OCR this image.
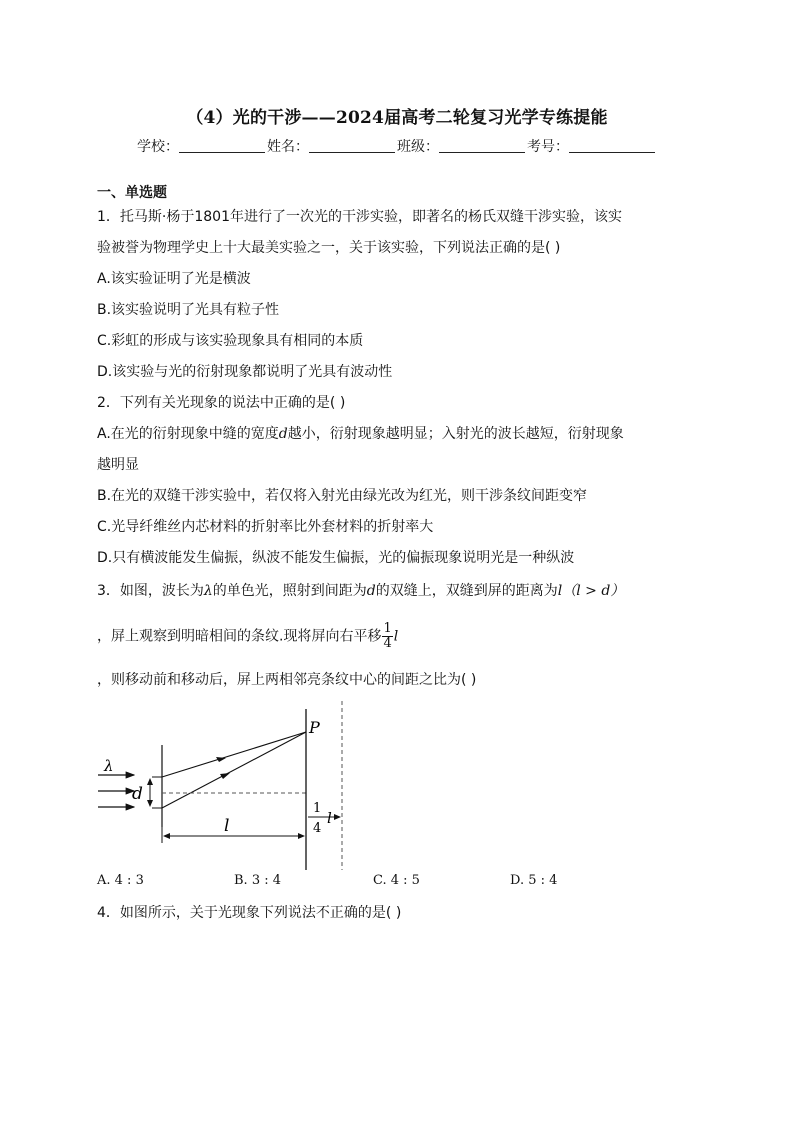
（4）光的干涉——2024届高考二轮复习光学专练提能
学校：	姓名：	班级：	考号：
一、单选题
1．托马斯·杨于1801年进行了一次光的干涉实验，即著名的杨氏双缝干涉实验，该实
验被誉为物理学史上十大最美实验之一，关于该实验，下列说法正确的是( )
A.该实验证明了光是横波
B.该实验说明了光具有粒子性
C.彩虹的形成与该实验现象具有相同的本质
D.该实验与光的衍射现象都说明了光具有波动性
2．下列有关光现象的说法中正确的是( )
A.在光的衍射现象中缝的宽度d越小，衍射现象越明显；入射光的波长越短，衍射现象
越明显
B.在光的双缝干涉实验中，若仅将入射光由绿光改为红光，则干涉条纹间距变窄
C.光导纤维丝内芯材料的折射率比外套材料的折射率大
D.只有横波能发生偏振，纵波不能发生偏振，光的偏振现象说明光是一种纵波
3．如图，波长为λ的单色光，照射到间距为d的双缝上，双缝到屏的距离为l（l > d）
，屏上观察到明暗相间的条纹.现将屏向右平移 $\frac{1}{4}$ l
，则移动前和移动后，屏上两相邻亮条纹中心的间距之比为( )
λ
d
P
l
1
4
l
A. 4 : 3	B. 3 : 4	C. 4 : 5	D. 5 : 4
4．如图所示，关于光现象下列说法不正确的是( )
